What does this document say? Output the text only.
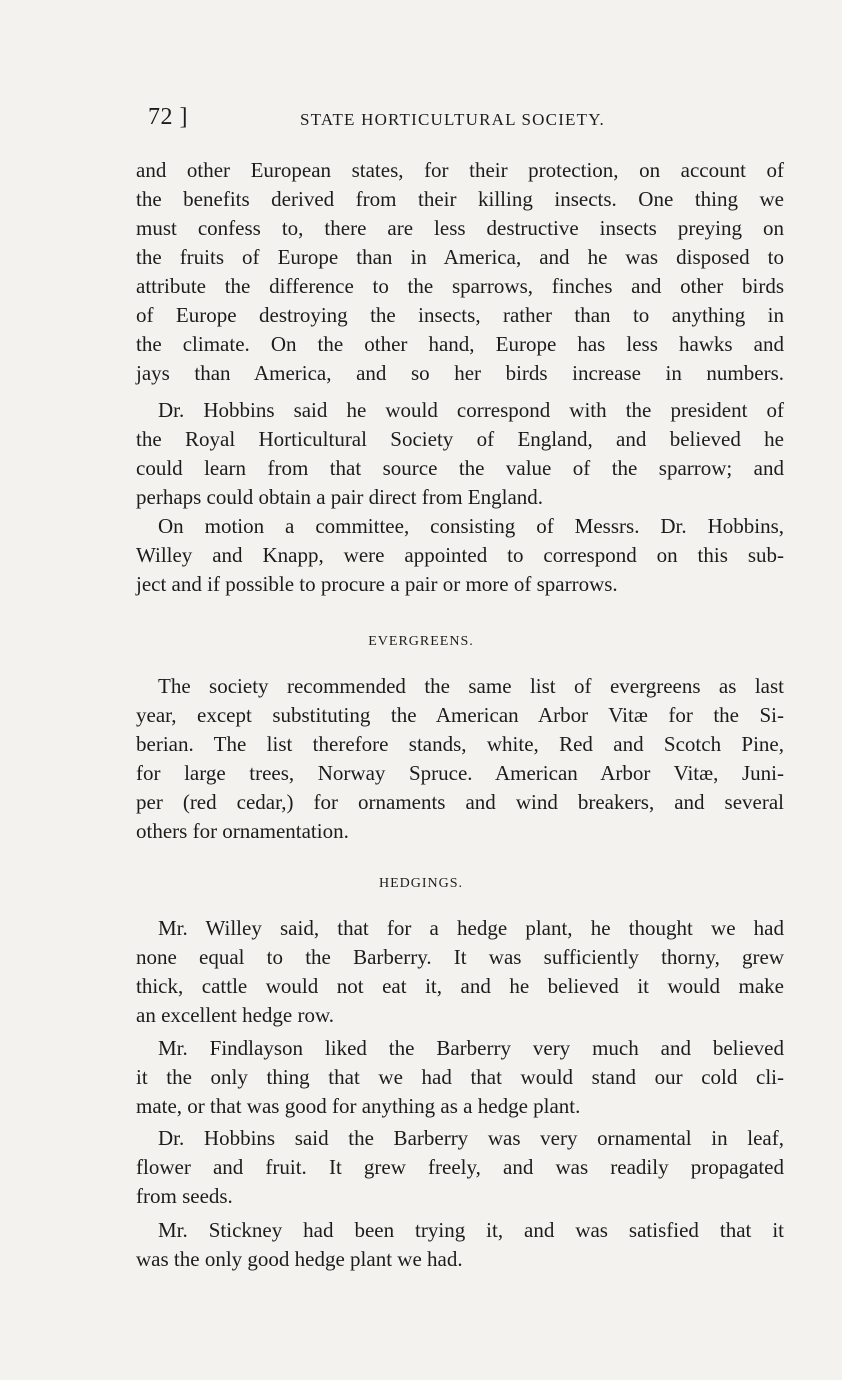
72 ]	STATE HORTICULTURAL SOCIETY.
and other European states, for their protection, on account of
the benefits derived from their killing insects. One thing we
must confess to, there are less destructive insects preying on
the fruits of Europe than in America, and he was disposed to
attribute the difference to the sparrows, finches and other birds
of Europe destroying the insects, rather than to anything in
the climate. On the other hand, Europe has less hawks and
jays than America, and so her birds increase in numbers.
Dr. Hobbins said he would correspond with the president of
the Royal Horticultural Society of England, and believed he
could learn from that source the value of the sparrow; and
perhaps could obtain a pair direct from England.
On motion a committee, consisting of Messrs. Dr. Hobbins,
Willey and Knapp, were appointed to correspond on this sub-
ject and if possible to procure a pair or more of sparrows.
EVERGREENS.
The society recommended the same list of evergreens as last
year, except substituting the American Arbor Vitæ for the Si-
berian. The list therefore stands, white, Red and Scotch Pine,
for large trees, Norway Spruce. American Arbor Vitæ, Juni-
per (red cedar,) for ornaments and wind breakers, and several
others for ornamentation.
HEDGINGS.
Mr. Willey said, that for a hedge plant, he thought we had
none equal to the Barberry. It was sufficiently thorny, grew
thick, cattle would not eat it, and he believed it would make
an excellent hedge row.
Mr. Findlayson liked the Barberry very much and believed
it the only thing that we had that would stand our cold cli-
mate, or that was good for anything as a hedge plant.
Dr. Hobbins said the Barberry was very ornamental in leaf,
flower and fruit. It grew freely, and was readily propagated
from seeds.
Mr. Stickney had been trying it, and was satisfied that it
was the only good hedge plant we had.
